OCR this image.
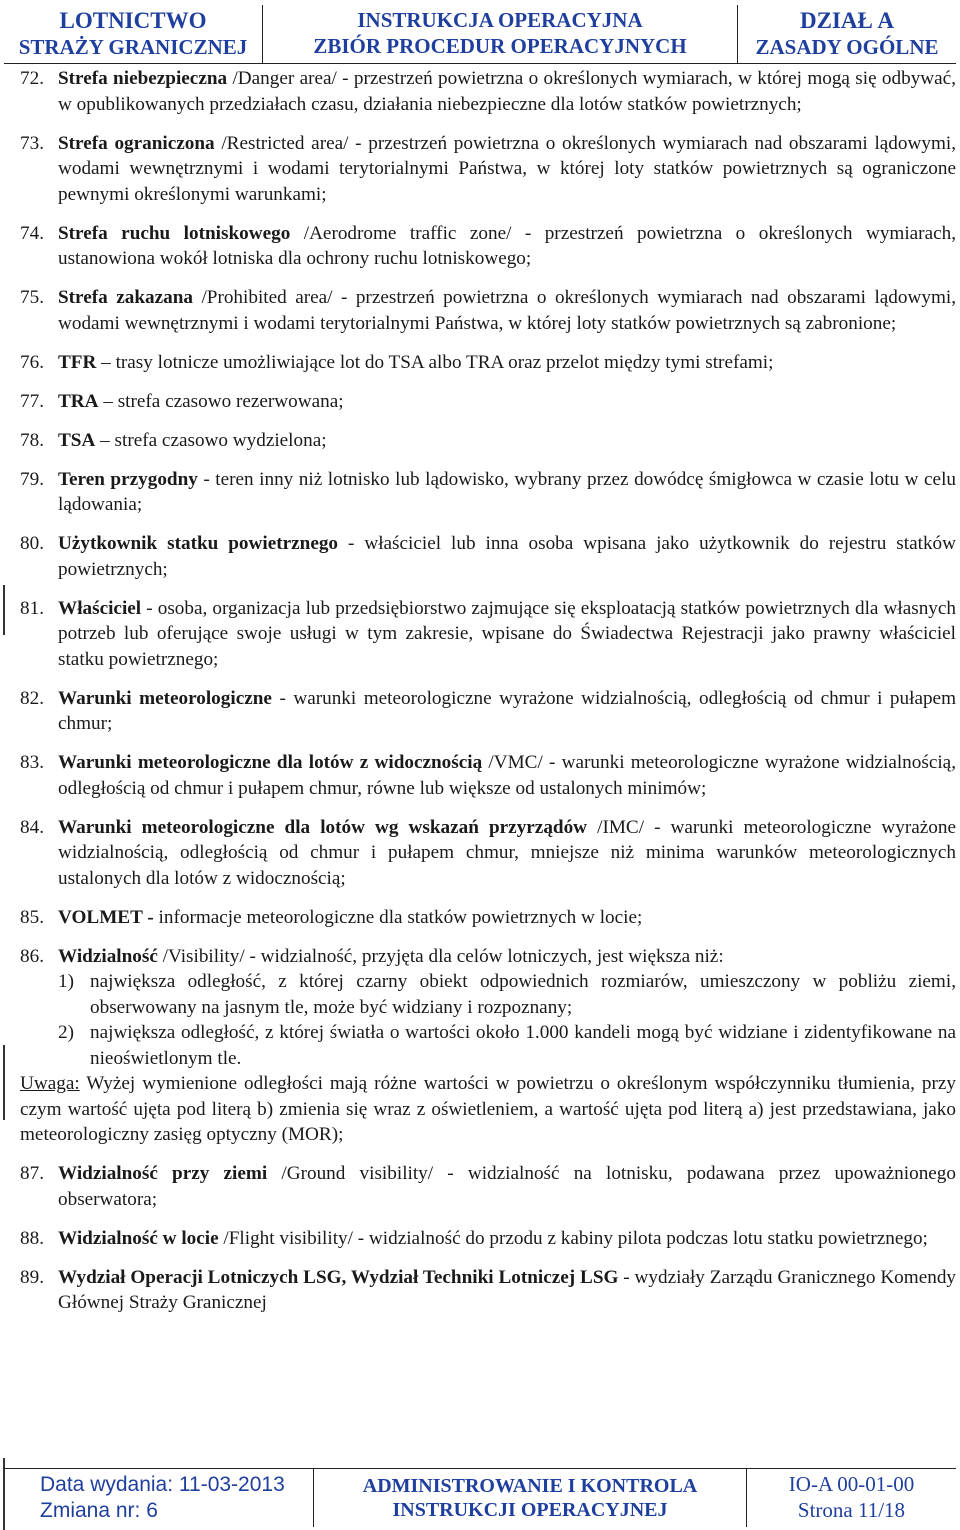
LOTNICTWO
STRAŻY GRANICZNEJ
INSTRUKCJA OPERACYJNA
ZBIÓR PROCEDUR OPERACYJNYCH
DZIAŁ A
ZASADY OGÓLNE
72. Strefa niebezpieczna /Danger area/ - przestrzeń powietrzna o określonych wymiarach, w której mogą się odbywać, w opublikowanych przedziałach czasu, działania niebezpieczne dla lotów statków powietrznych;
73. Strefa ograniczona /Restricted area/ - przestrzeń powietrzna o określonych wymiarach nad obszarami lądowymi, wodami wewnętrznymi i wodami terytorialnymi Państwa, w której loty statków powietrznych są ograniczone pewnymi określonymi warunkami;
74. Strefa ruchu lotniskowego /Aerodrome traffic zone/ - przestrzeń powietrzna o określonych wymiarach, ustanowiona wokół lotniska dla ochrony ruchu lotniskowego;
75. Strefa zakazana /Prohibited area/ - przestrzeń powietrzna o określonych wymiarach nad obszarami lądowymi, wodami wewnętrznymi i wodami terytorialnymi Państwa, w której loty statków powietrznych są zabronione;
76. TFR – trasy lotnicze umożliwiające lot do TSA albo TRA oraz przelot między tymi strefami;
77. TRA – strefa czasowo rezerwowana;
78. TSA – strefa czasowo wydzielona;
79. Teren przygodny - teren inny niż lotnisko lub lądowisko, wybrany przez dowódcę śmigłowca w czasie lotu w celu lądowania;
80. Użytkownik statku powietrznego - właściciel lub inna osoba wpisana jako użytkownik do rejestru statków powietrznych;
81. Właściciel - osoba, organizacja lub przedsiębiorstwo zajmujące się eksploatacją statków powietrznych dla własnych potrzeb lub oferujące swoje usługi w tym zakresie, wpisane do Świadectwa Rejestracji jako prawny właściciel statku powietrznego;
82. Warunki meteorologiczne - warunki meteorologiczne wyrażone widzialnością, odległością od chmur i pułapem chmur;
83. Warunki meteorologiczne dla lotów z widocznością /VMC/ - warunki meteorologiczne wyrażone widzialnością, odległością od chmur i pułapem chmur, równe lub większe od ustalonych minimów;
84. Warunki meteorologiczne dla lotów wg wskazań przyrządów /IMC/ - warunki meteorologiczne wyrażone widzialnością, odległością od chmur i pułapem chmur, mniejsze niż minima warunków meteorologicznych ustalonych dla lotów z widocznością;
85. VOLMET - informacje meteorologiczne dla statków powietrznych w locie;
86. Widzialność /Visibility/ - widzialność, przyjęta dla celów lotniczych, jest większa niż:
1) największa odległość, z której czarny obiekt odpowiednich rozmiarów, umieszczony w pobliżu ziemi, obserwowany na jasnym tle, może być widziany i rozpoznany;
2) największa odległość, z której światła o wartości około 1.000 kandeli mogą być widziane i zidentyfikowane na nieoświetlonym tle.
Uwaga: Wyżej wymienione odległości mają różne wartości w powietrzu o określonym współczynniku tłumienia, przy czym wartość ujęta pod literą b) zmienia się wraz z oświetleniem, a wartość ujęta pod literą a) jest przedstawiana, jako meteorologiczny zasięg optyczny (MOR);
87. Widzialność przy ziemi /Ground visibility/ - widzialność na lotnisku, podawana przez upoważnionego obserwatora;
88. Widzialność w locie /Flight visibility/ - widzialność do przodu z kabiny pilota podczas lotu statku powietrznego;
89. Wydział Operacji Lotniczych LSG, Wydział Techniki Lotniczej LSG - wydziały Zarządu Granicznego Komendy Głównej Straży Granicznej
Data wydania: 11-03-2013
Zmiana nr: 6
ADMINISTROWANIE I KONTROLA
INSTRUKCJI OPERACYJNEJ
IO-A 00-01-00
Strona 11/18
